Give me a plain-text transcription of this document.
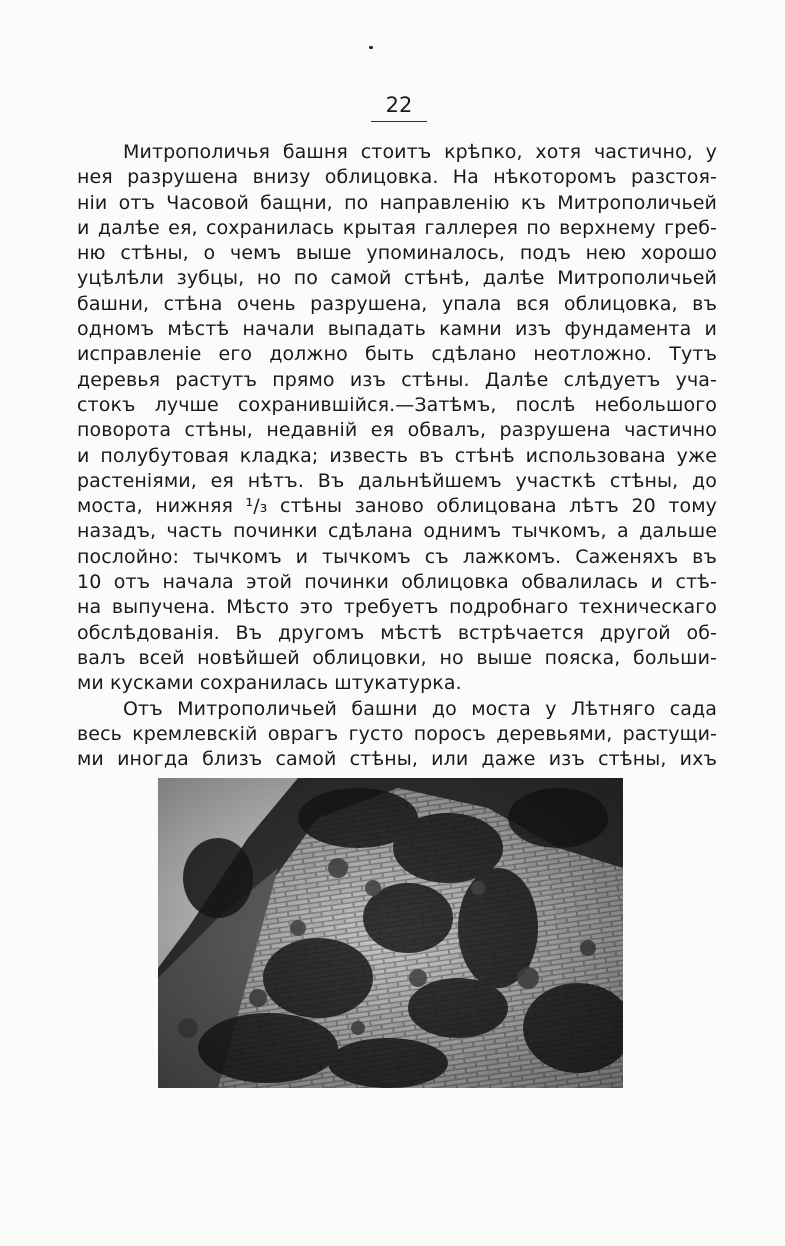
22
Митрополичья башня стоитъ крѣпко, хотя частично, у
нея разрушена внизу облицовка. На нѣкоторомъ разстоя-
нiи отъ Часовой бащни, по направленiю къ Митрополичьей
и далѣе ея, сохранилась крытая галлерея по верхнему греб-
ню стѣны, о чемъ выше упоминалось, подъ нею хорошо
уцѣлѣли зубцы, но по самой стѣнѣ, далѣе Митрополичьей
башни, стѣна очень разрушена, упала вся облицовка, въ
одномъ мѣстѣ начали выпадать камни изъ фундамента и
исправленiе его должно быть сдѣлано неотложно. Тутъ
деревья растутъ прямо изъ стѣны. Далѣе слѣдуетъ уча-
стокъ лучше сохранившiйся.—Затѣмъ, послѣ небольшого
поворота стѣны, недавнiй ея обвалъ, разрушена частично
и полубутовая кладка; известь въ стѣнѣ использована уже
растенiями, ея нѣтъ. Въ дальнѣйшемъ участкѣ стѣны, до
моста, нижняя ¹/₃ стѣны заново облицована лѣтъ 20 тому
назадъ, часть починки сдѣлана однимъ тычкомъ, а дальше
послойно: тычкомъ и тычкомъ съ лажкомъ. Саженяхъ въ
10 отъ начала этой починки облицовка обвалилась и стѣ-
на выпучена. Мѣсто это требуетъ подробнаго техническаго
обслѣдованiя. Въ другомъ мѣстѣ встрѣчается другой об-
валъ всей новѣйшей облицовки, но выше пояска, больши-
ми кусками сохранилась штукатурка.
Отъ Митрополичьей башни до моста у Лѣтняго сада
весь кремлевскiй оврагъ густо поросъ деревьями, растущи-
ми иногда близъ самой стѣны, или даже изъ стѣны, ихъ
